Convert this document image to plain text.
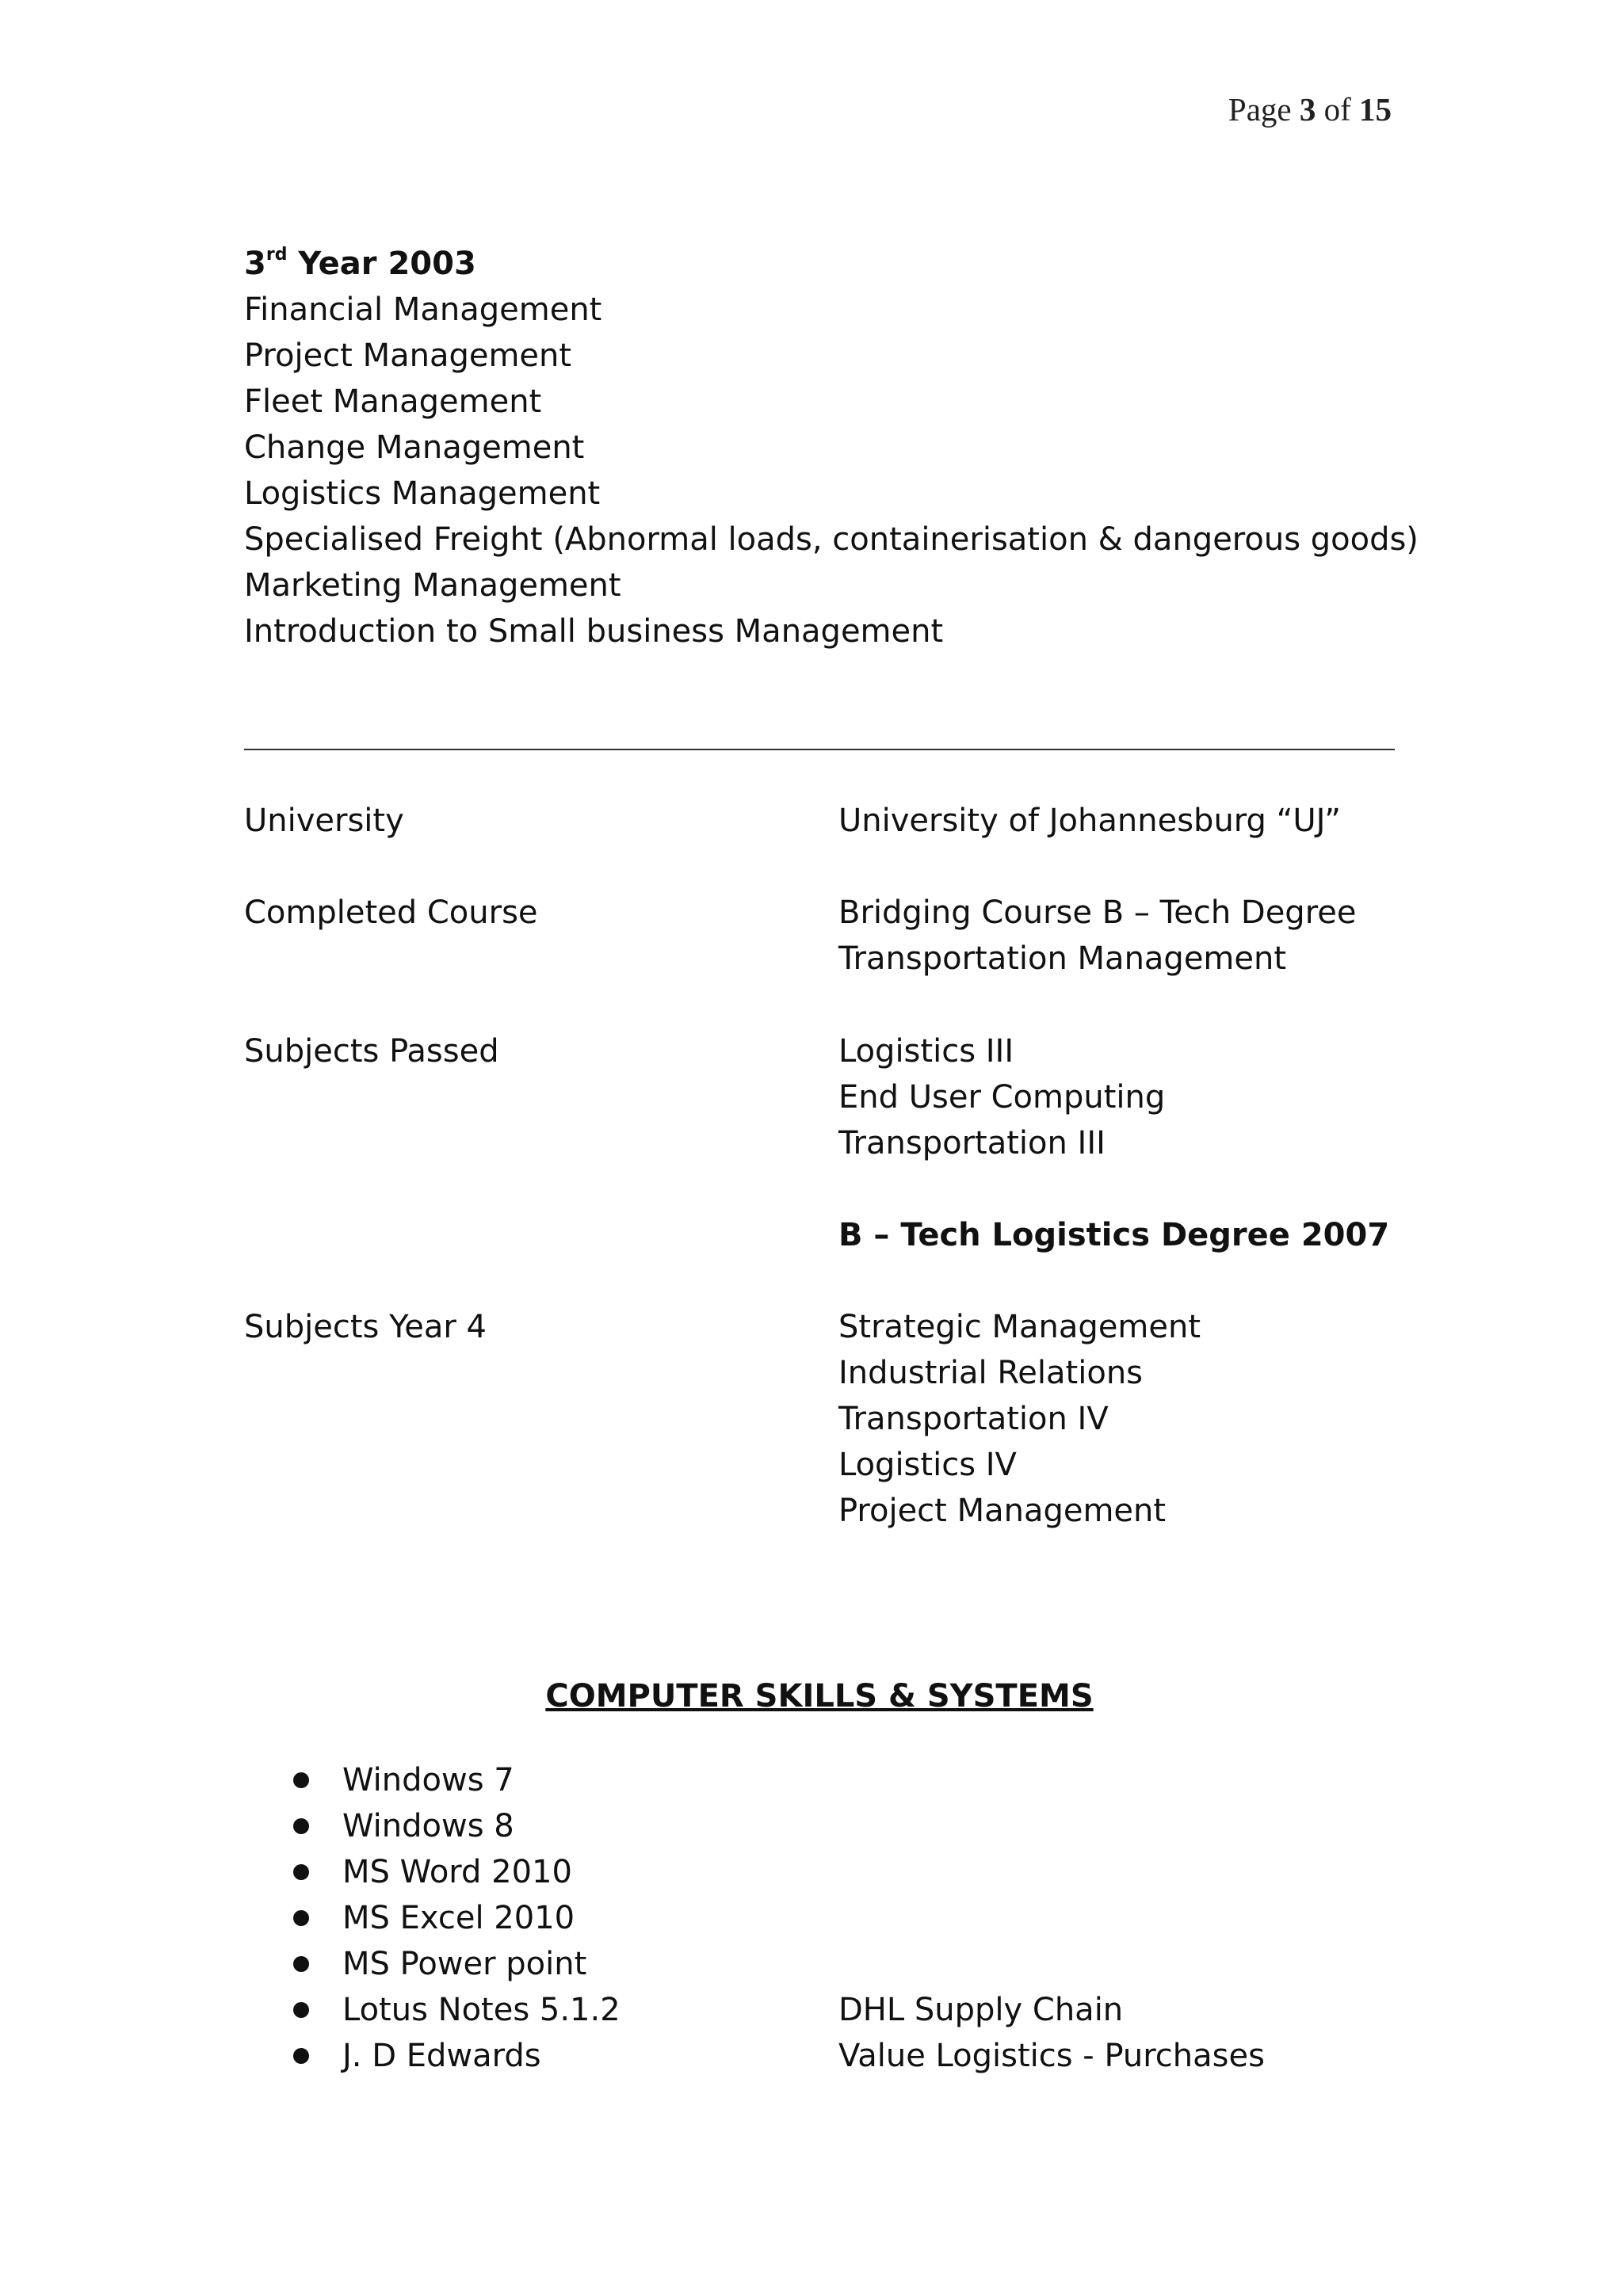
Page 3 of 15
3rd Year 2003
Financial Management
Project Management
Fleet Management
Change Management
Logistics Management
Specialised Freight (Abnormal loads, containerisation & dangerous goods)
Marketing Management
Introduction to Small business Management
University	University of Johannesburg “UJ”
Completed Course	Bridging Course B – Tech Degree
Transportation Management
Subjects Passed	Logistics III
End User Computing
Transportation III
B – Tech Logistics Degree 2007
Subjects Year 4	Strategic Management
Industrial Relations
Transportation IV
Logistics IV
Project Management
COMPUTER SKILLS & SYSTEMS
Windows 7
Windows 8
MS Word 2010
MS Excel 2010
MS Power point
Lotus Notes 5.1.2	DHL Supply Chain
J. D Edwards	Value Logistics - Purchases
